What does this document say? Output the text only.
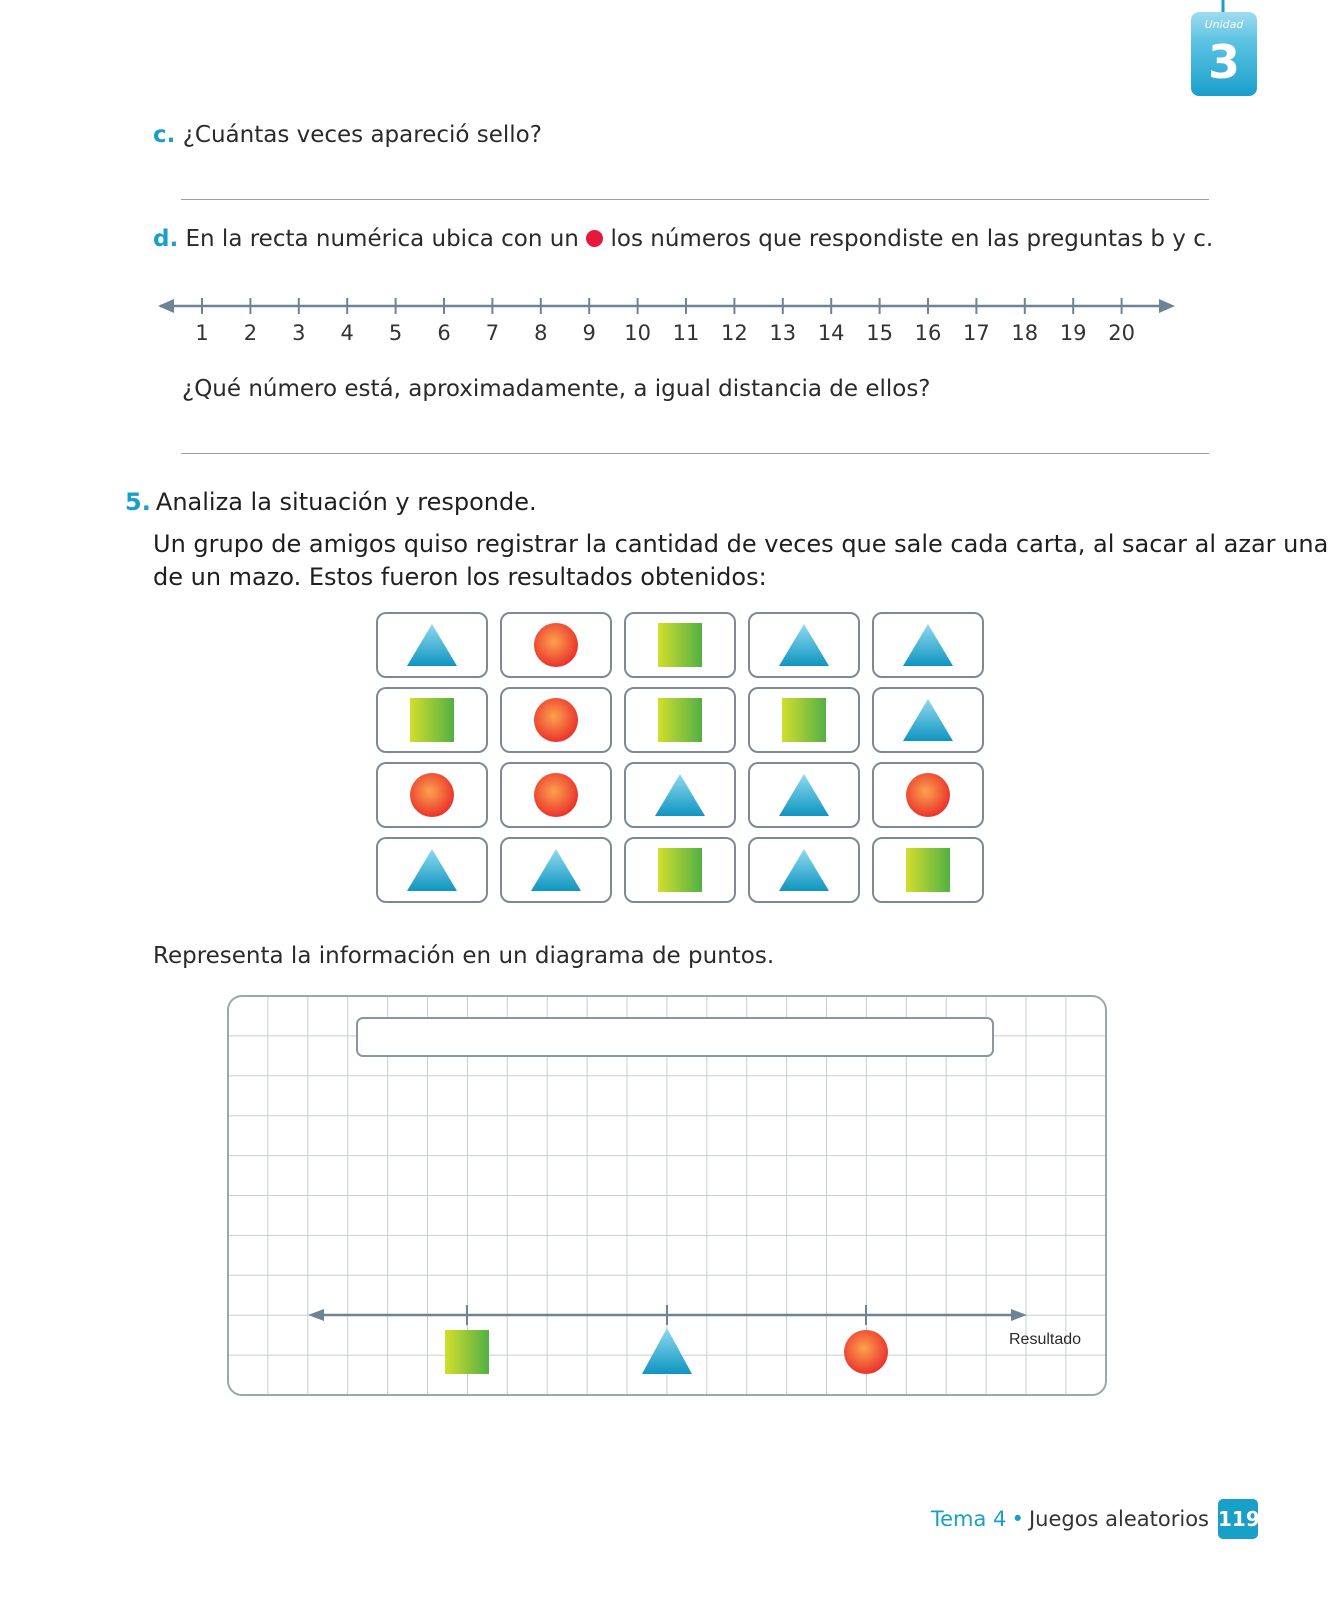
Unidad
3
c. ¿Cuántas veces apareció sello?
d. En la recta numérica ubica con un los números que respondiste en las preguntas b y c.
1 2 3 4 5 6 7 8 9 10 11 12 13 14 15 16 17 18 19 20
¿Qué número está, aproximadamente, a igual distancia de ellos?
5. Analiza la situación y responde.
Un grupo de amigos quiso registrar la cantidad de veces que sale cada carta, al sacar al azar una
de un mazo. Estos fueron los resultados obtenidos:
Representa la información en un diagrama de puntos.
Resultado
Tema 4 • Juegos aleatorios 119
